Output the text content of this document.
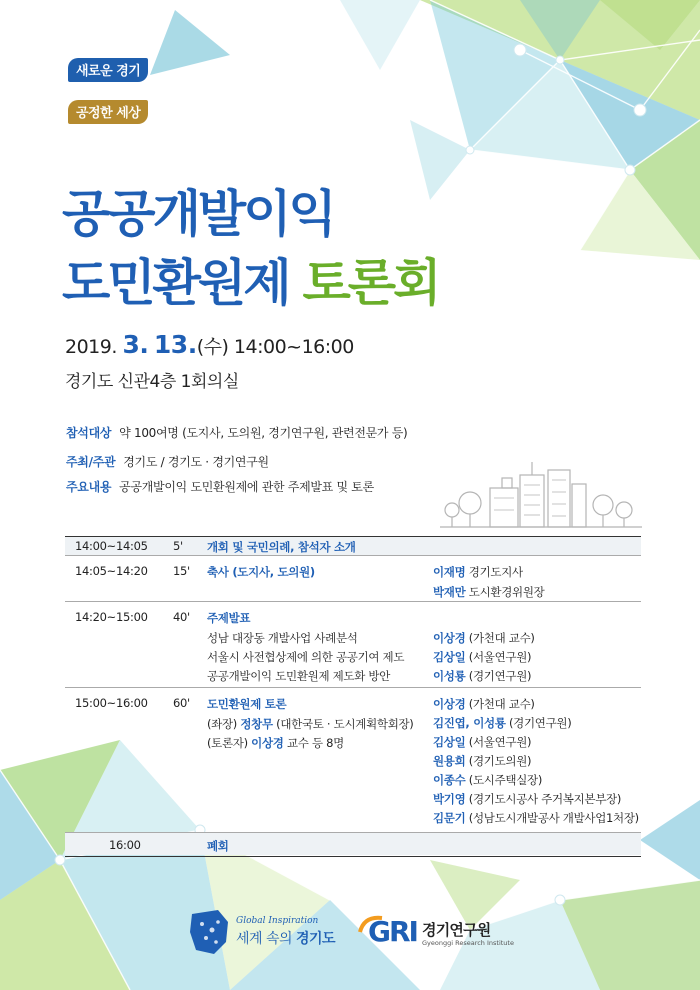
새로운 경기
공정한 세상
공공개발이익
도민환원제 토론회
2019. 3. 13.(수) 14:00~16:00
경기도 신관4층 1회의실
참석대상 약 100여명 (도지사, 도의원, 경기연구원, 관련전문가 등)
주최/주관 경기도 / 경기도 · 경기연구원
주요내용 공공개발이익 도민환원제에 관한 주제발표 및 토론
14:00~14:05 5' 개회 및 국민의례, 참석자 소개
14:05~14:20 15' 축사 (도지사, 도의원)	이재명 경기도지사
박재만 도시환경위원장
14:20~15:00 40' 주제발표
성남 대장동 개발사업 사례분석
서울시 사전협상제에 의한 공공기여 제도
공공개발이익 도민환원제 제도화 방안
이상경 (가천대 교수)
김상일 (서울연구원)
이성룡 (경기연구원)
15:00~16:00 60' 도민환원제 토론
(좌장) 정창무 (대한국토 · 도시계획학회장)
(토론자) 이상경 교수 등 8명
이상경 (가천대 교수)
김진엽, 이성룡 (경기연구원)
김상일 (서울연구원)
원용희 (경기도의원)
이종수 (도시주택실장)
박기영 (경기도시공사 주거복지본부장)
김문기 (성남도시개발공사 개발사업1처장)
16:00	폐회
Global Inspiration
세계 속의 경기도 GRI 경기연구원
Gyeonggi Research Institute
